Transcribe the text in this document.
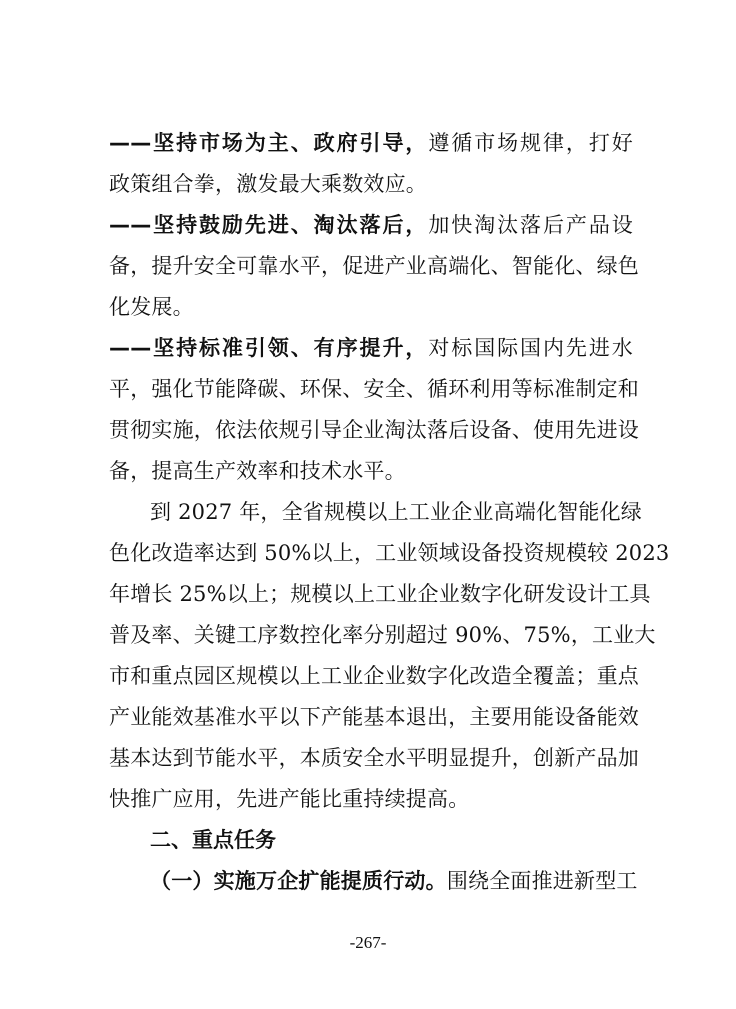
——坚持市场为主、政府引导，遵循市场规律，打好
政策组合拳，激发最大乘数效应。
——坚持鼓励先进、淘汰落后，加快淘汰落后产品设
备，提升安全可靠水平，促进产业高端化、智能化、绿色
化发展。
——坚持标准引领、有序提升，对标国际国内先进水
平，强化节能降碳、环保、安全、循环利用等标准制定和
贯彻实施，依法依规引导企业淘汰落后设备、使用先进设
备，提高生产效率和技术水平。
到 2027 年，全省规模以上工业企业高端化智能化绿
色化改造率达到 50%以上，工业领域设备投资规模较 2023
年增长 25%以上；规模以上工业企业数字化研发设计工具
普及率、关键工序数控化率分别超过 90%、75%，工业大
市和重点园区规模以上工业企业数字化改造全覆盖；重点
产业能效基准水平以下产能基本退出，主要用能设备能效
基本达到节能水平，本质安全水平明显提升，创新产品加
快推广应用，先进产能比重持续提高。
二、重点任务
（一）实施万企扩能提质行动。围绕全面推进新型工
-267-
